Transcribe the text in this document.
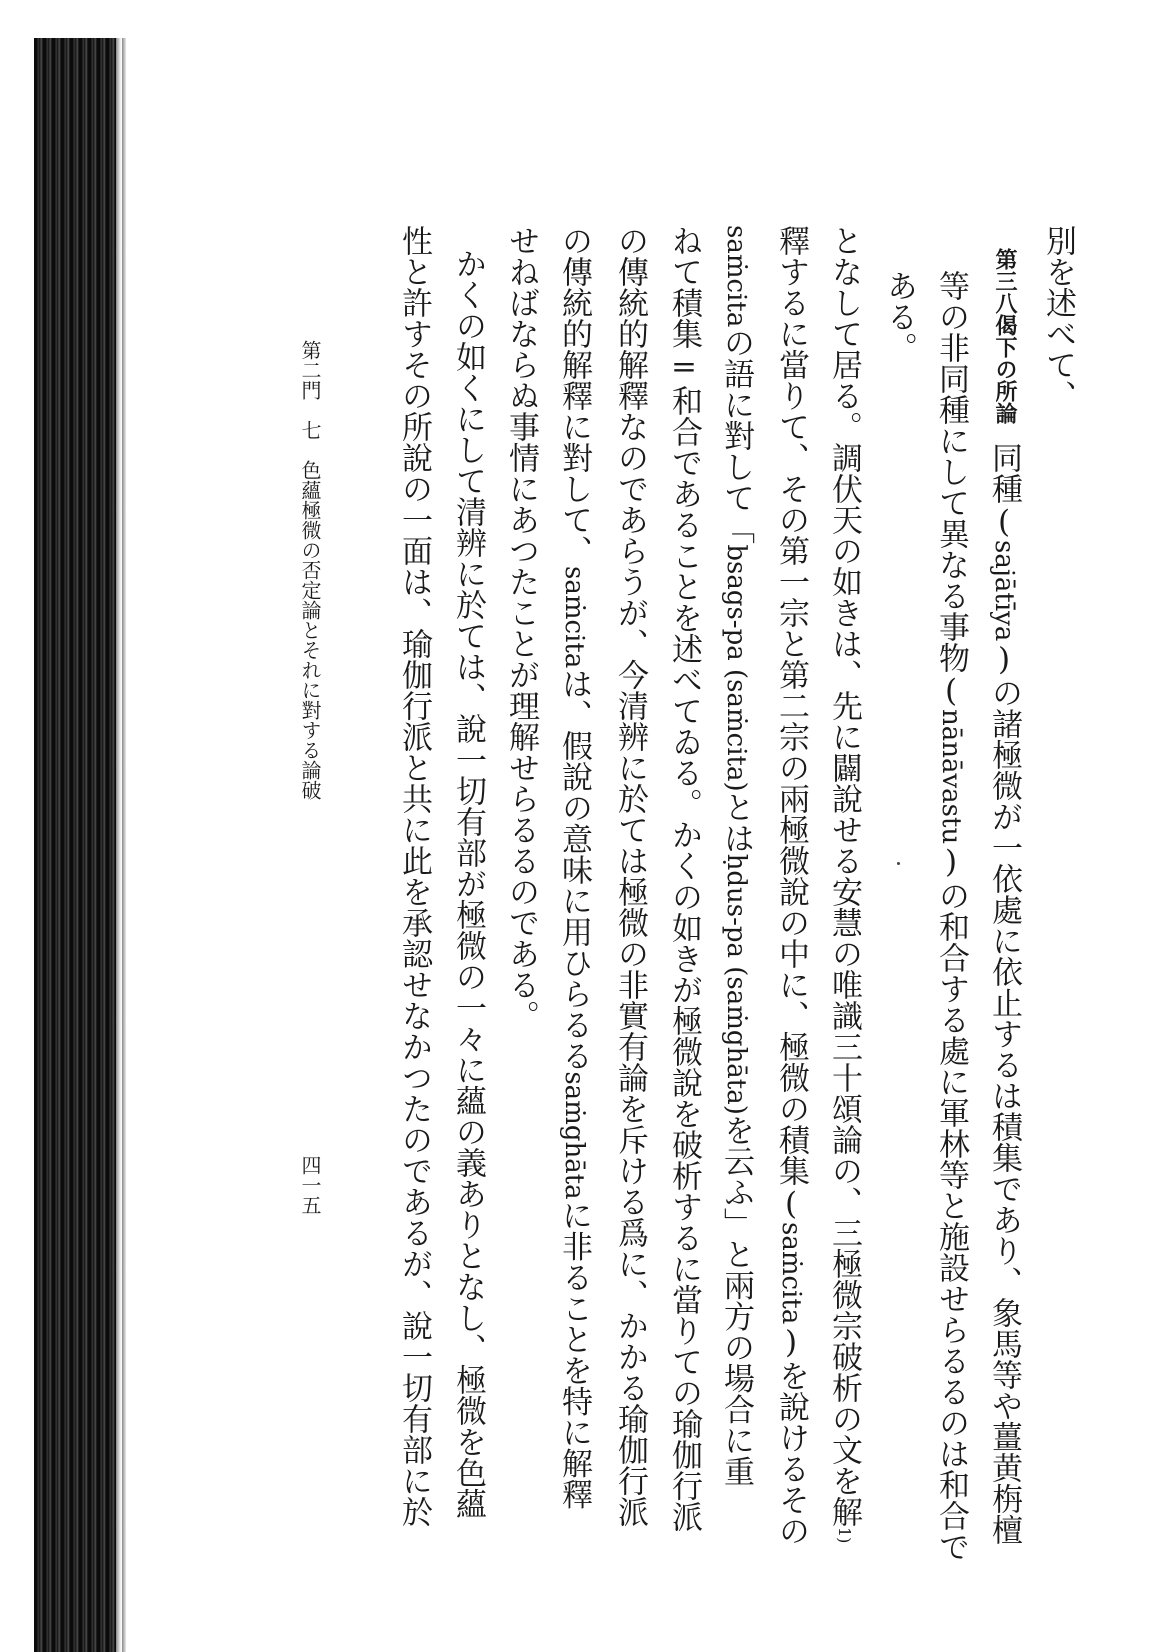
別を述べて、
第三八偈下の所論同種(sajātīya)の諸極微が一依處に依止するは積集であり、象馬等や薑黄栴檀
等の非同種にして異なる事物(nānāvastu)の和合する處に軍林等と施設せらるるのは和合で
ある。
となして居る。調伏天の如きは、先に闢說せる安慧の唯識三十頌論の、三極微宗破析の文を解1)
釋するに當りて、その第一宗と第二宗の兩極微說の中に、極微の積集(saṁcita)を說けるその
saṁcitaの語に對して「bsags-pa (saṁcita)とはḥdus-pa (saṁghāta)を云ふ」と兩方の場合に重
ねて積集=和合であることを述べてゐる。かくの如きが極微說を破析するに當りての瑜伽行派
の傳統的解釋なのであらうが、今清辨に於ては極微の非實有論を斥ける爲に、かかる瑜伽行派
の傳統的解釋に對して、saṁcitaは、假說の意味に用ひらるるsaṁghātaに非ることを特に解釋
せねばならぬ事情にあつたことが理解せらるるのである。
かくの如くにして清辨に於ては、說一切有部が極微の一々に蘊の義ありとなし、極微を色蘊
性と許すその所說の一面は、瑜伽行派と共に此を承認せなかつたのであるが、說一切有部に於
第二門七色蘊極微の否定論とそれに對する論破
四一五
